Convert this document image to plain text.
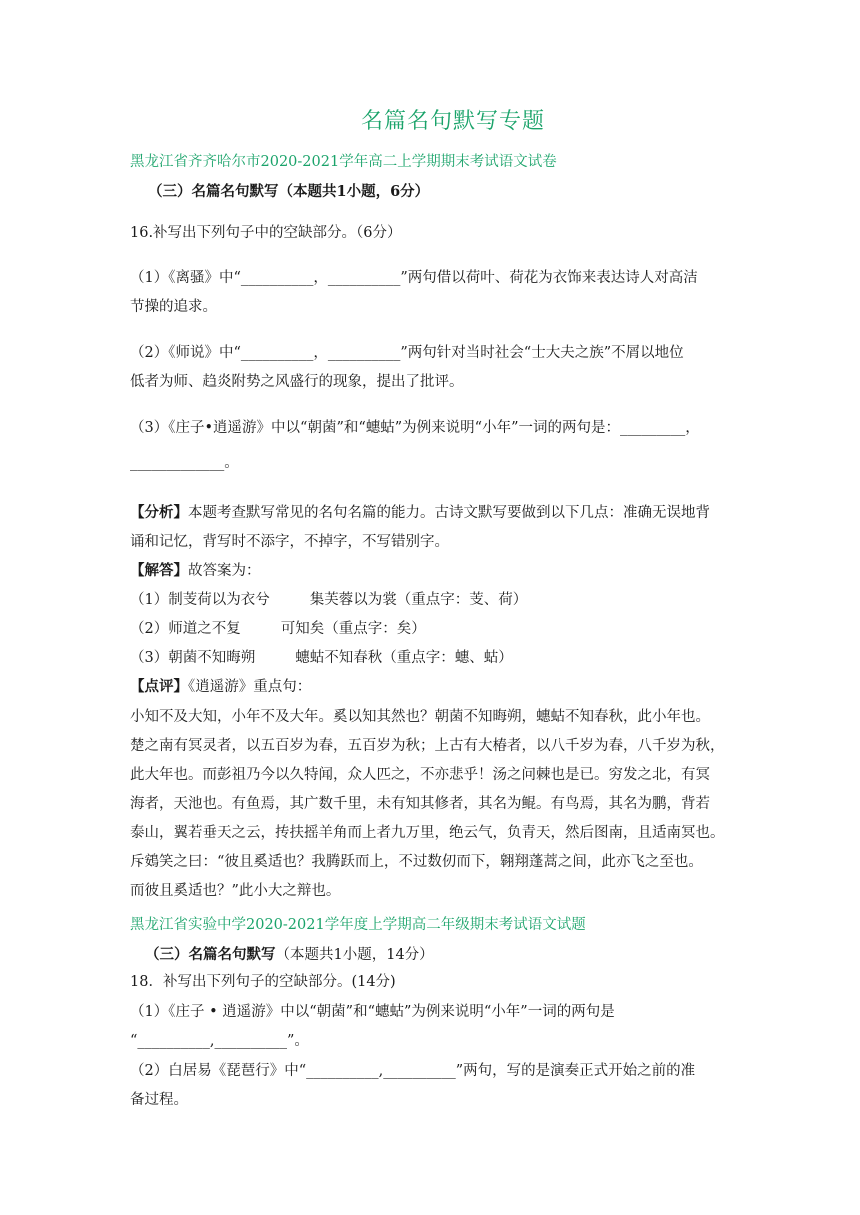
名篇名句默写专题
黑龙江省齐齐哈尔市2020-2021学年高二上学期期末考试语文试卷
（三）名篇名句默写（本题共1小题，6分）
16.补写出下列句子中的空缺部分。（6分）
（1）《离骚》中“__________，__________”两句借以荷叶、荷花为衣饰来表达诗人对高洁
节操的追求。
（2）《师说》中“__________，__________”两句针对当时社会“士大夫之族”不屑以地位
低者为师、趋炎附势之风盛行的现象，提出了批评。
（3）《庄子•逍遥游》中以“朝菌”和“蟪蛄”为例来说明“小年”一词的两句是：_________，
_____________。
【分析】本题考查默写常见的名句名篇的能力。古诗文默写要做到以下几点：准确无误地背
诵和记忆，背写时不添字，不掉字，不写错别字。
【解答】故答案为：
（1）制芰荷以为衣兮	集芙蓉以为裳（重点字：芰、荷）
（2）师道之不复	可知矣（重点字：矣）
（3）朝菌不知晦朔	蟪蛄不知春秋（重点字：蟪、蛄）
【点评】《逍遥游》重点句：
小知不及大知，小年不及大年。奚以知其然也？朝菌不知晦朔，蟪蛄不知春秋，此小年也。
楚之南有冥灵者，以五百岁为春，五百岁为秋；上古有大椿者，以八千岁为春，八千岁为秋，
此大年也。而彭祖乃今以久特闻，众人匹之，不亦悲乎！汤之问棘也是已。穷发之北，有冥
海者，天池也。有鱼焉，其广数千里，未有知其修者，其名为鲲。有鸟焉，其名为鹏，背若
泰山，翼若垂天之云，抟扶摇羊角而上者九万里，绝云气，负青天，然后图南，且适南冥也。
斥鴳笑之曰：“彼且奚适也？我腾跃而上，不过数仞而下，翱翔蓬蒿之间，此亦飞之至也。
而彼且奚适也？”此小大之辩也。
黑龙江省实验中学2020-2021学年度上学期高二年级期末考试语文试题
（三）名篇名句默写（本题共1小题，14分）
18．补写出下列句子的空缺部分。(14分)
（1）《庄子 • 逍遥游》中以“朝菌”和“蟪蛄”为例来说明“小年”一词的两句是
“__________,__________”。
（2）白居易《琵琶行》中“__________,__________”两句，写的是演奏正式开始之前的准
备过程。
